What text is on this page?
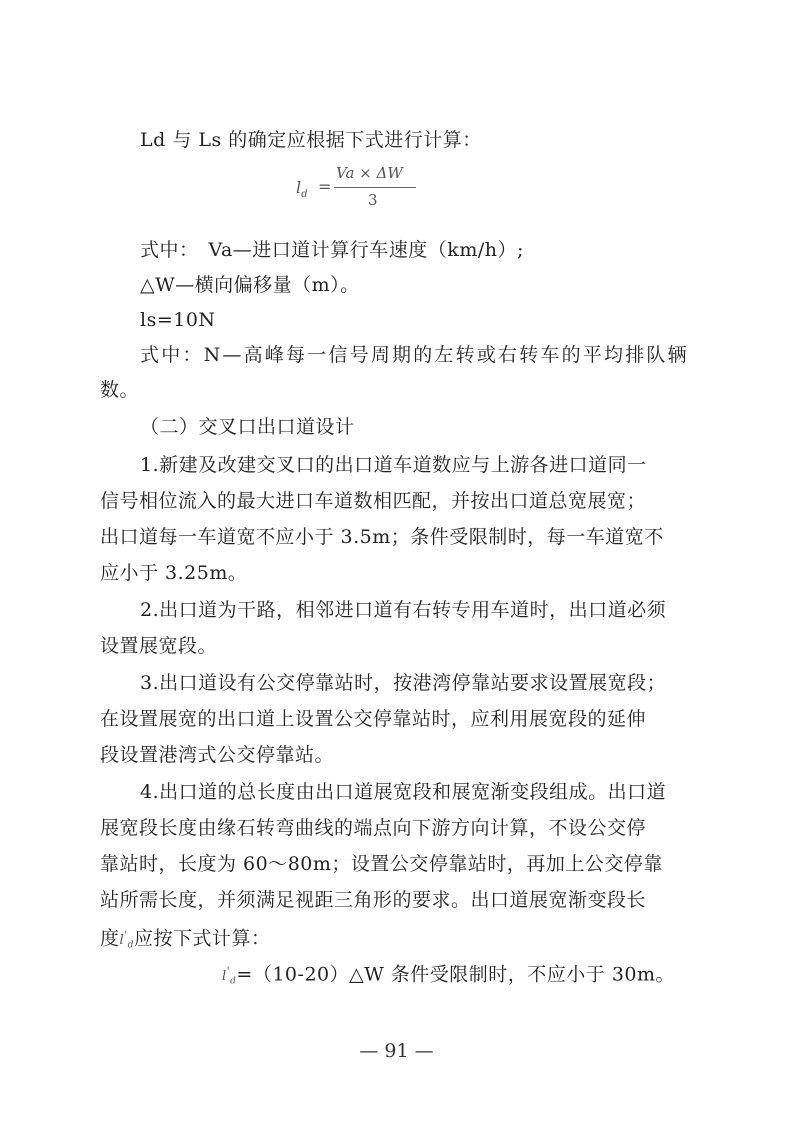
Ld 与 Ls 的确定应根据下式进行计算：
$l_d$ =
Va × ΔW
3
式中：　Va—进口道计算行车速度（km/h）;
△W—横向偏移量（m）。
ls=10N
式中：N—高峰每一信号周期的左转或右转车的平均排队辆
数。
（二）交叉口出口道设计
1.新建及改建交叉口的出口道车道数应与上游各进口道同一
信号相位流入的最大进口车道数相匹配，并按出口道总宽展宽；
出口道每一车道宽不应小于 3.5m；条件受限制时，每一车道宽不
应小于 3.25m。
2.出口道为干路，相邻进口道有右转专用车道时，出口道必须
设置展宽段。
3.出口道设有公交停靠站时，按港湾停靠站要求设置展宽段；
在设置展宽的出口道上设置公交停靠站时，应利用展宽段的延伸
段设置港湾式公交停靠站。
4.出口道的总长度由出口道展宽段和展宽渐变段组成。出口道
展宽段长度由缘石转弯曲线的端点向下游方向计算，不设公交停
靠站时，长度为 60～80m；设置公交停靠站时，再加上公交停靠
站所需长度，并须满足视距三角形的要求。出口道展宽渐变段长
度$l'_d$应按下式计算：
$l'_d=(10-20)\triangle W$ 条件受限制时，不应小于 30m。
— 91 —
